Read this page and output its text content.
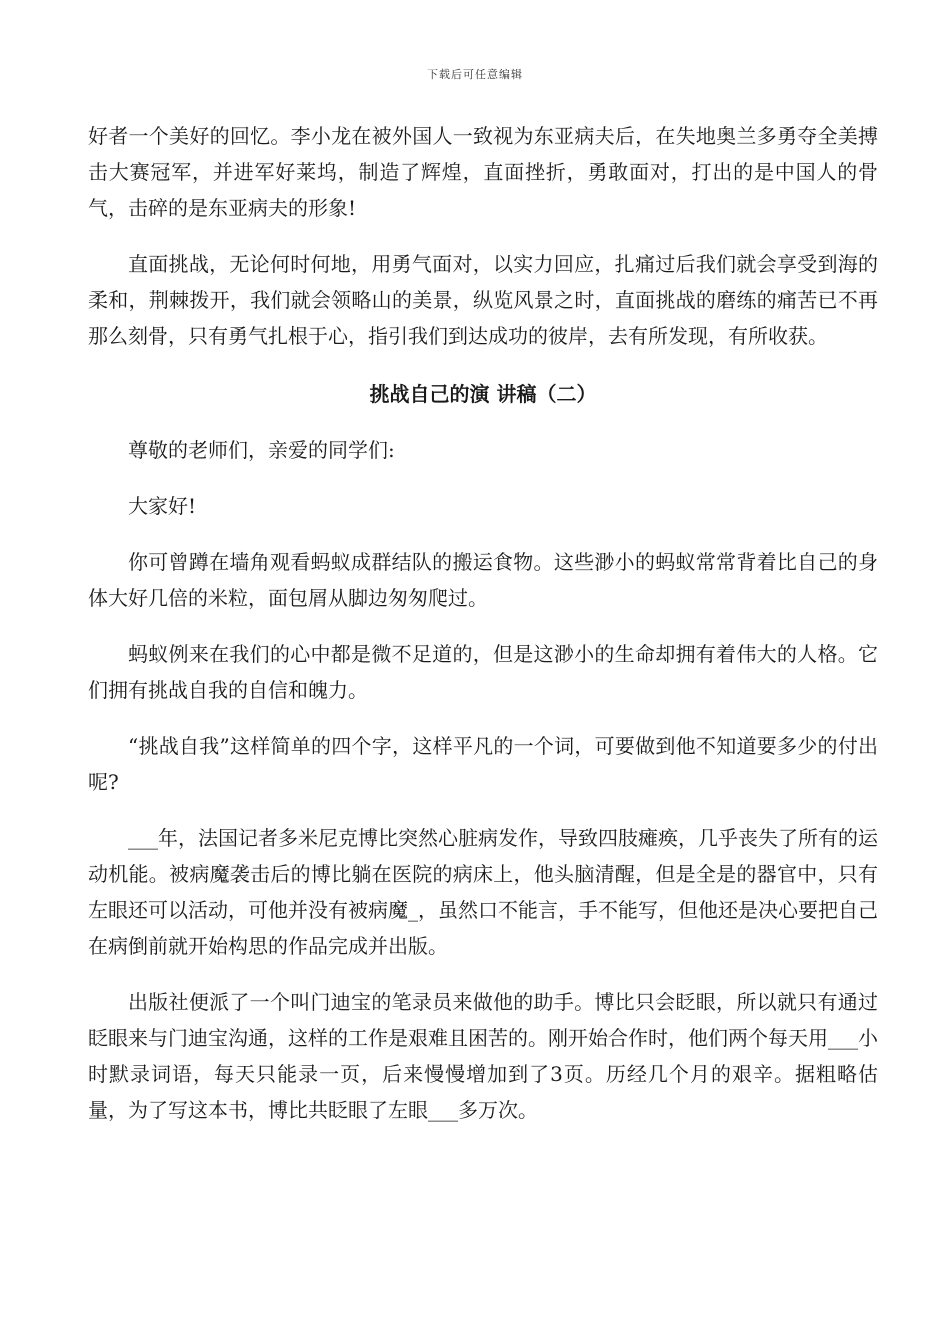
下载后可任意编辑

好者一个美好的回忆。李小龙在被外国人一致视为东亚病夫后，在失地奥兰多勇夺全美搏击大赛冠军，并进军好莱坞，制造了辉煌，直面挫折，勇敢面对，打出的是中国人的骨气，击碎的是东亚病夫的形象!

直面挑战，无论何时何地，用勇气面对，以实力回应，扎痛过后我们就会享受到海的柔和，荆棘拨开，我们就会领略山的美景，纵览风景之时，直面挑战的磨练的痛苦已不再那么刻骨，只有勇气扎根于心，指引我们到达成功的彼岸，去有所发现，有所收获。

挑战自己的演 讲稿（二）

尊敬的老师们，亲爱的同学们:

大家好!

你可曾蹲在墙角观看蚂蚁成群结队的搬运食物。这些渺小的蚂蚁常常背着比自己的身体大好几倍的米粒，面包屑从脚边匆匆爬过。

蚂蚁例来在我们的心中都是微不足道的，但是这渺小的生命却拥有着伟大的人格。它们拥有挑战自我的自信和魄力。

“挑战自我”这样简单的四个字，这样平凡的一个词，可要做到他不知道要多少的付出呢?

___年，法国记者多米尼克博比突然心脏病发作，导致四肢瘫痪，几乎丧失了所有的运动机能。被病魔袭击后的博比躺在医院的病床上，他头脑清醒，但是全是的器官中，只有左眼还可以活动，可他并没有被病魔_，虽然口不能言，手不能写，但他还是决心要把自己在病倒前就开始构思的作品完成并出版。

出版社便派了一个叫门迪宝的笔录员来做他的助手。博比只会眨眼，所以就只有通过眨眼来与门迪宝沟通，这样的工作是艰难且困苦的。刚开始合作时，他们两个每天用___小时默录词语，每天只能录一页，后来慢慢增加到了3页。历经几个月的艰辛。据粗略估量，为了写这本书，博比共眨眼了左眼___多万次。
